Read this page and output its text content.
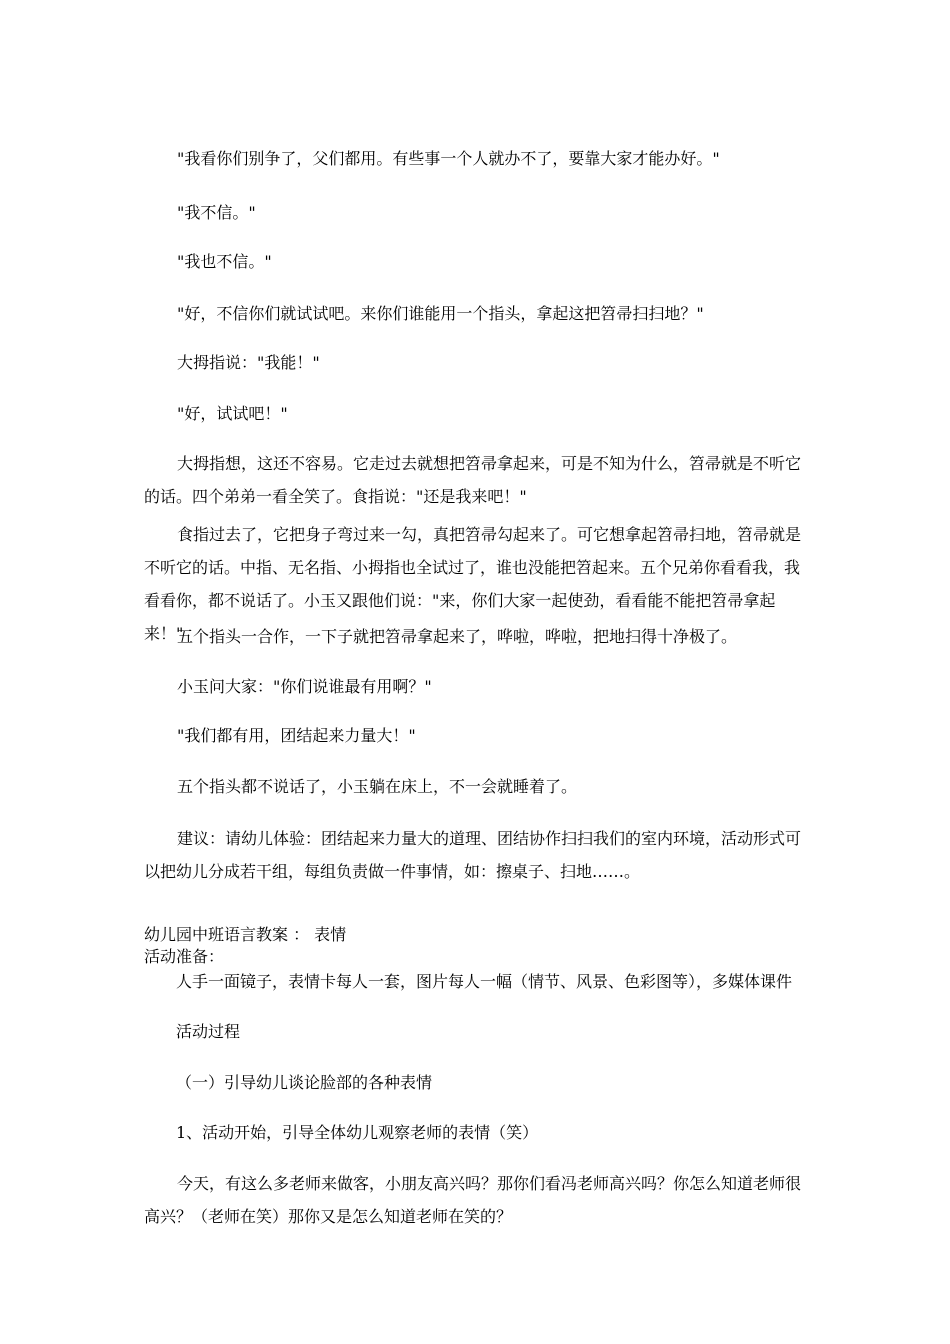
"我看你们别争了，父们都用。有些事一个人就办不了，要靠大家才能办好。"

"我不信。"

"我也不信。"

"好，不信你们就试试吧。来你们谁能用一个指头，拿起这把笤帚扫扫地？"

大拇指说："我能！"

"好，试试吧！"

大拇指想，这还不容易。它走过去就想把笤帚拿起来，可是不知为什么，笤帚就是不听它的话。四个弟弟一看全笑了。食指说："还是我来吧！"

食指过去了，它把身子弯过来一勾，真把笤帚勾起来了。可它想拿起笤帚扫地，笤帚就是不听它的话。中指、无名指、小拇指也全试过了，谁也没能把笤起来。五个兄弟你看看我，我看看你，都不说话了。小玉又跟他们说："来，你们大家一起使劲，看看能不能把笤帚拿起来！"

五个指头一合作，一下子就把笤帚拿起来了，哗啦，哗啦，把地扫得十净极了。

小玉问大家："你们说谁最有用啊？"

"我们都有用，团结起来力量大！"

五个指头都不说话了，小玉躺在床上，不一会就睡着了。

建议：请幼儿体验：团结起来力量大的道理、团结协作扫扫我们的室内环境，活动形式可以把幼儿分成若干组，每组负责做一件事情，如：擦桌子、扫地……。

幼儿园中班语言教案 ： 表情

活动准备：

人手一面镜子，表情卡每人一套，图片每人一幅（情节、风景、色彩图等），多媒体课件

活动过程

（一）引导幼儿谈论脸部的各种表情

1、活动开始，引导全体幼儿观察老师的表情（笑）

今天，有这么多老师来做客，小朋友高兴吗？那你们看冯老师高兴吗？你怎么知道老师很高兴？（老师在笑）那你又是怎么知道老师在笑的？
